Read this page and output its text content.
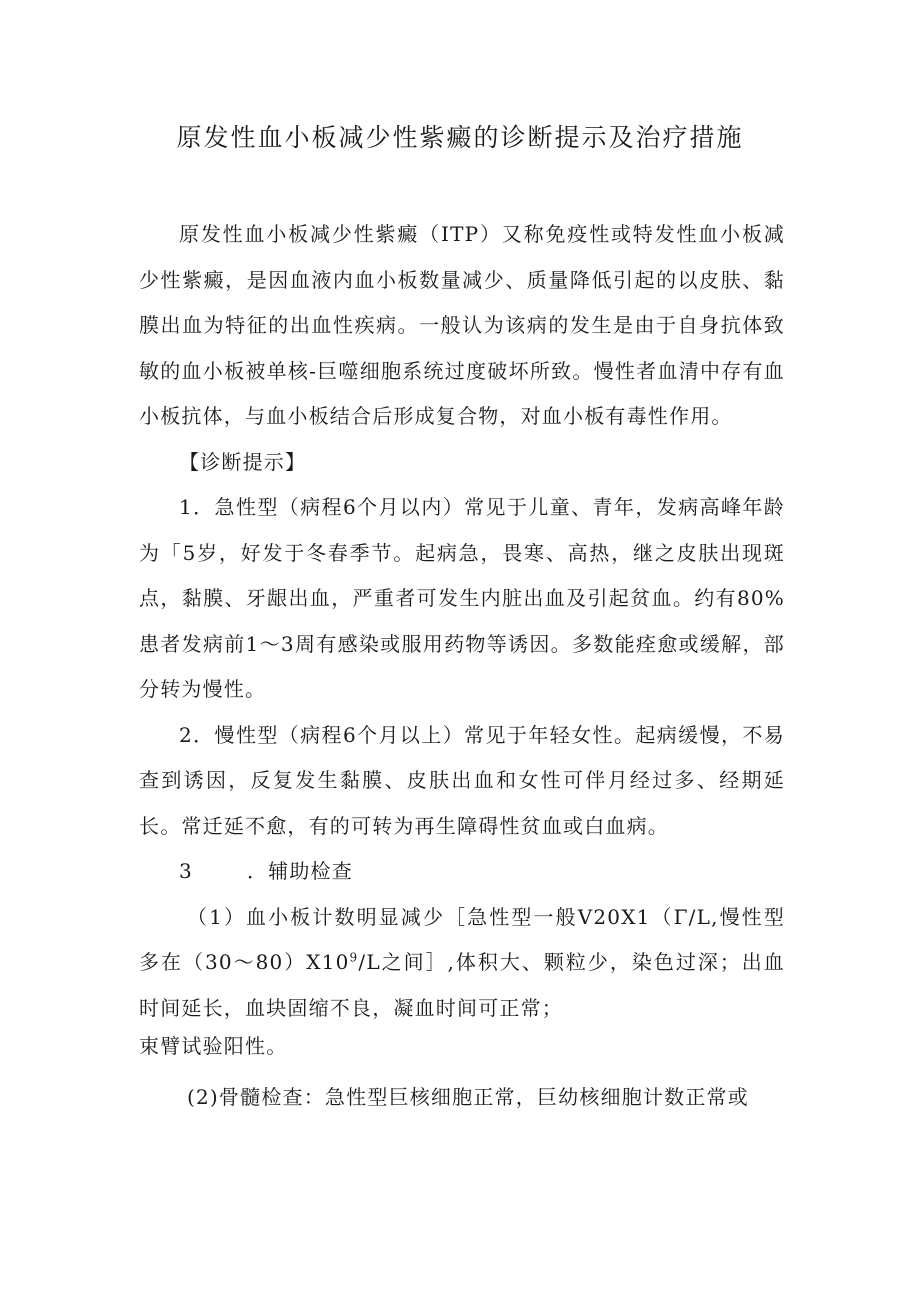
原发性血小板减少性紫癜的诊断提示及治疗措施

原发性血小板减少性紫癜（ITP）又称免疫性或特发性血小板减少性紫癜，是因血液内血小板数量减少、质量降低引起的以皮肤、黏膜出血为特征的出血性疾病。一般认为该病的发生是由于自身抗体致敏的血小板被单核-巨噬细胞系统过度破坏所致。慢性者血清中存有血小板抗体，与血小板结合后形成复合物，对血小板有毒性作用。

【诊断提示】

1．急性型（病程6个月以内）常见于儿童、青年，发病高峰年龄为「5岁，好发于冬春季节。起病急，畏寒、高热，继之皮肤出现斑点，黏膜、牙龈出血，严重者可发生内脏出血及引起贫血。约有80%患者发病前1～3周有感染或服用药物等诱因。多数能痊愈或缓解，部分转为慢性。

2．慢性型（病程6个月以上）常见于年轻女性。起病缓慢，不易查到诱因，反复发生黏膜、皮肤出血和女性可伴月经过多、经期延长。常迁延不愈，有的可转为再生障碍性贫血或白血病。

3	．辅助检查

（1）血小板计数明显减少［急性型一般V20X1（Γ/L,慢性型多在$(30\sim 80)X10^9/L$之间］,体积大、颗粒少，染色过深；出血时间延长，血块固缩不良，凝血时间可正常；

束臂试验阳性。

(2)骨髓检查：急性型巨核细胞正常，巨幼核细胞计数正常或
